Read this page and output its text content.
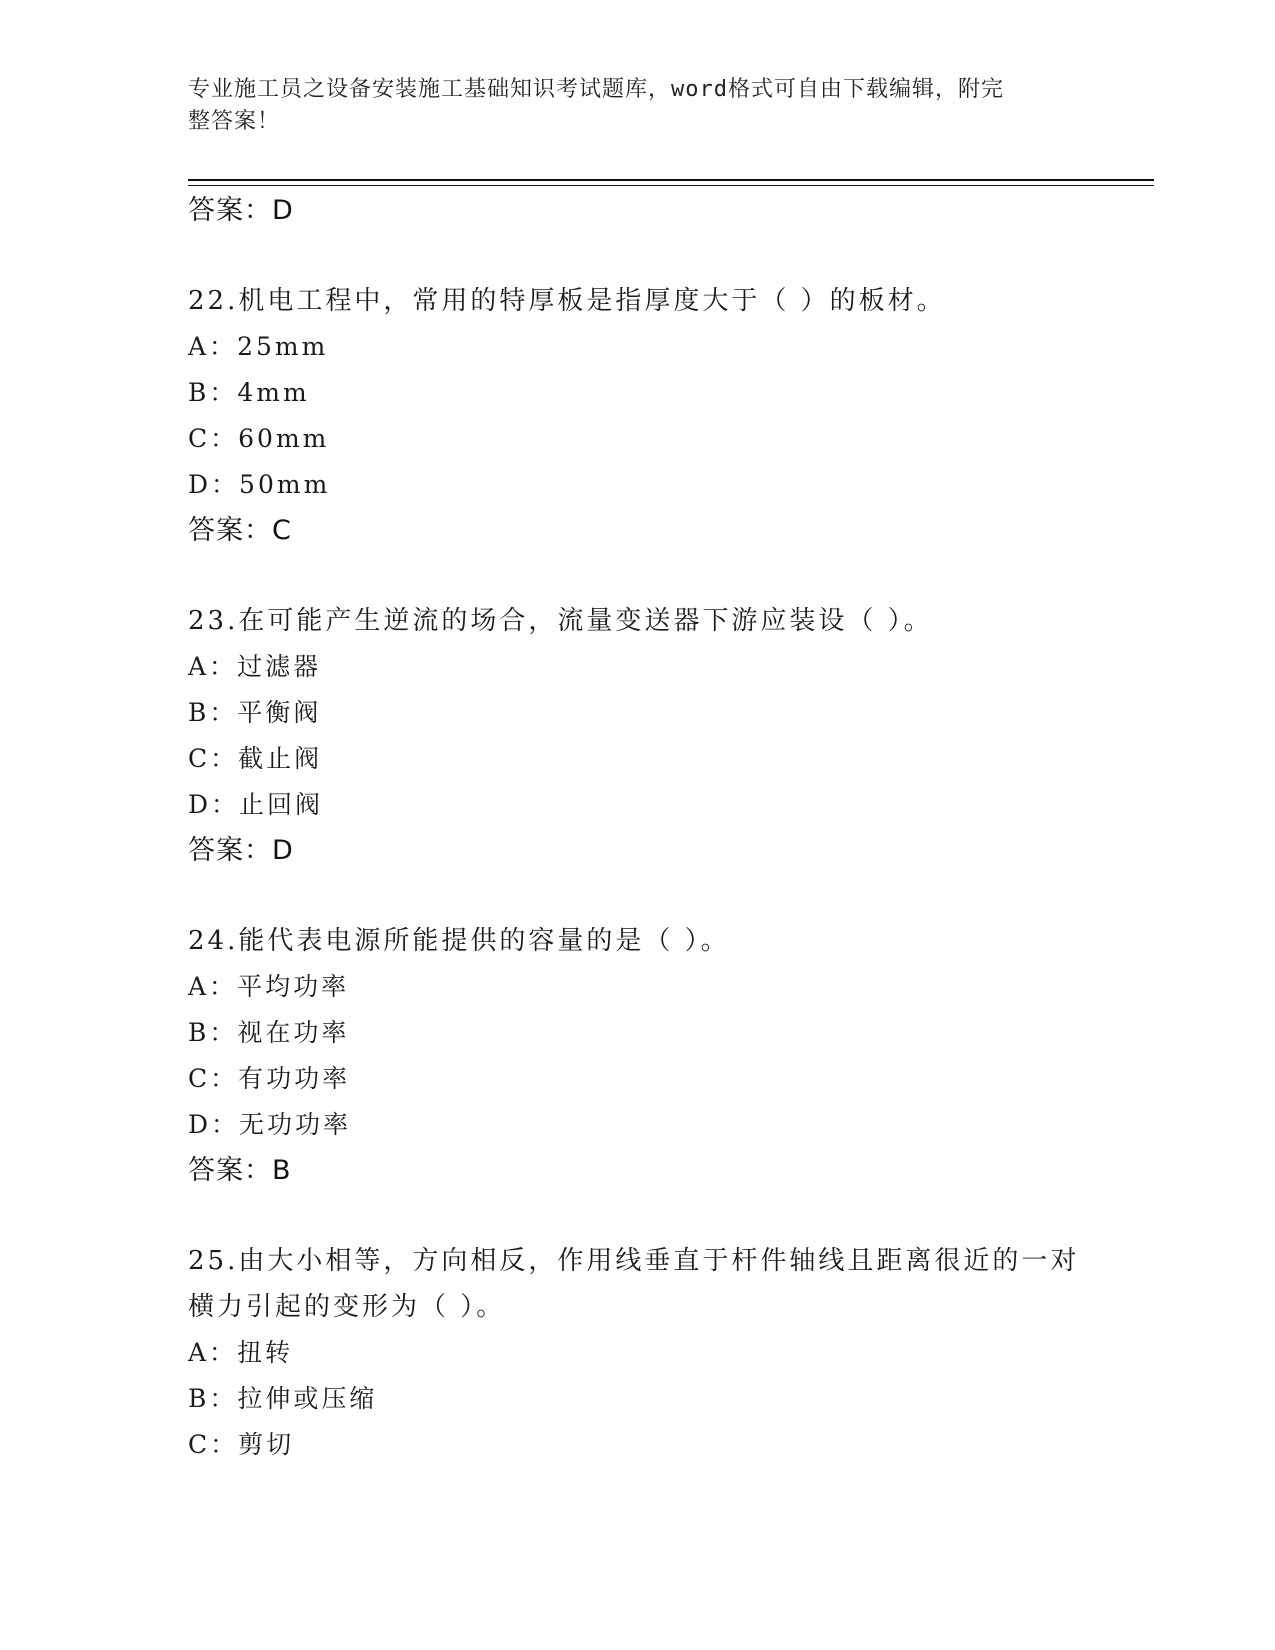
专业施工员之设备安装施工基础知识考试题库，word格式可自由下载编辑，附完
整答案！
答案：D
22.机电工程中，常用的特厚板是指厚度大于（ ）的板材。
A：25mm
B：4mm
C：60mm
D：50mm
答案：C
23.在可能产生逆流的场合，流量变送器下游应装设（ ）。
A：过滤器
B：平衡阀
C：截止阀
D：止回阀
答案：D
24.能代表电源所能提供的容量的是（ ）。
A：平均功率
B：视在功率
C：有功功率
D：无功功率
答案：B
25.由大小相等，方向相反，作用线垂直于杆件轴线且距离很近的一对
横力引起的变形为（ ）。
A：扭转
B：拉伸或压缩
C：剪切
